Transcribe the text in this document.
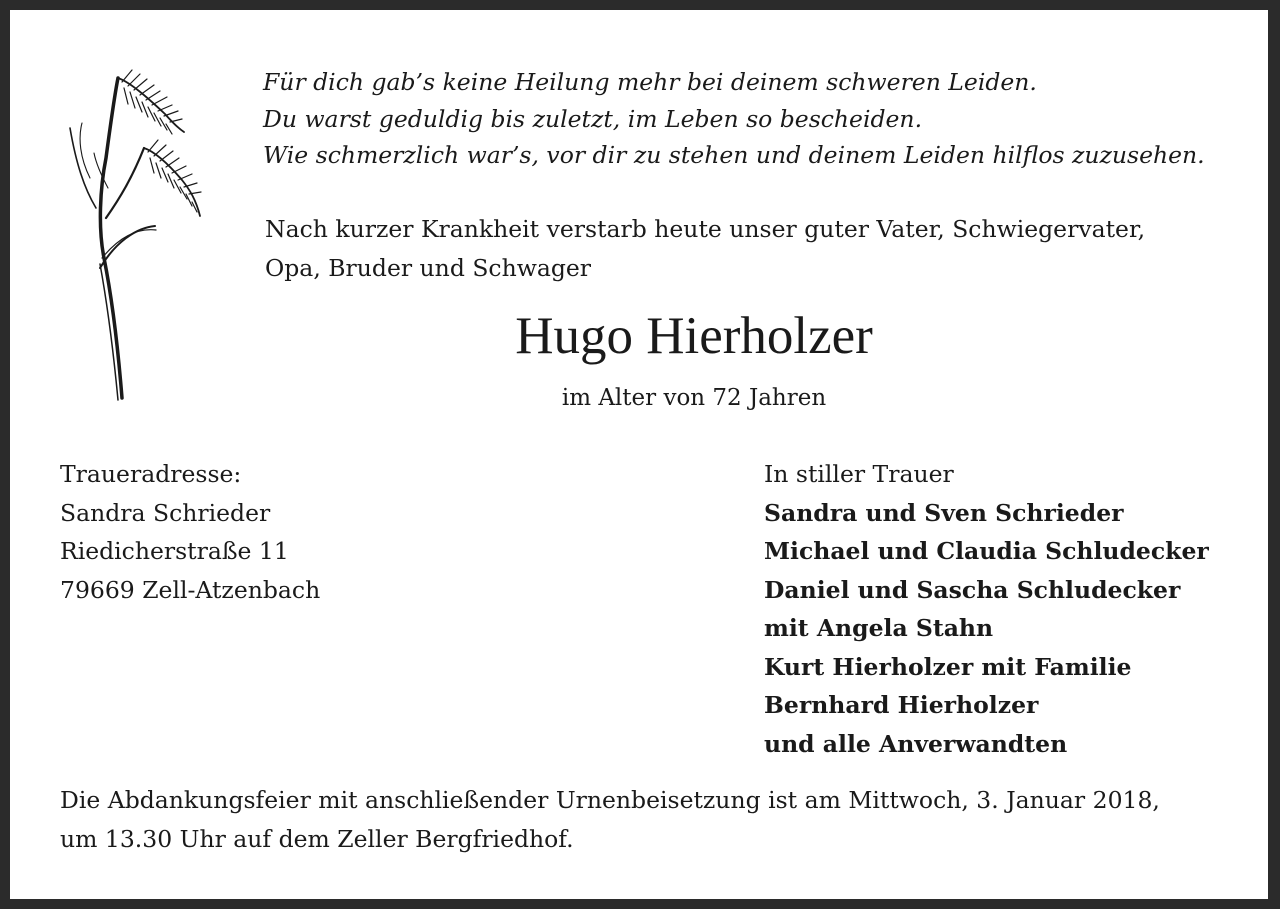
Für dich gab’s keine Heilung mehr bei deinem schweren Leiden.
Du warst geduldig bis zuletzt, im Leben so bescheiden.
Wie schmerzlich war’s, vor dir zu stehen und deinem Leiden hilflos zuzusehen.
Nach kurzer Krankheit verstarb heute unser guter Vater, Schwiegervater,
Opa, Bruder und Schwager
Hugo Hierholzer
im Alter von 72 Jahren
Traueradresse:
Sandra Schrieder
Riedicherstraße 11
79669 Zell-Atzenbach
In stiller Trauer
Sandra und Sven Schrieder
Michael und Claudia Schludecker
Daniel und Sascha Schludecker
mit Angela Stahn
Kurt Hierholzer mit Familie
Bernhard Hierholzer
und alle Anverwandten
Die Abdankungsfeier mit anschließender Urnenbeisetzung ist am Mittwoch, 3. Januar 2018,
um 13.30 Uhr auf dem Zeller Bergfriedhof.
